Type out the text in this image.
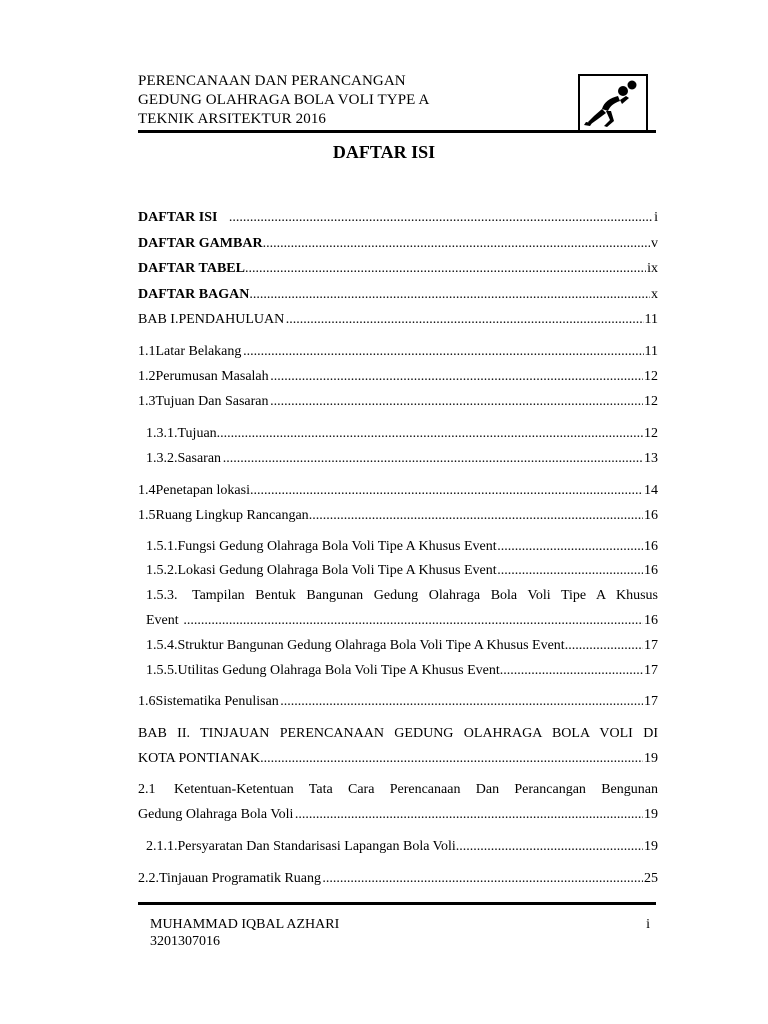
PERENCANAAN DAN PERANCANGAN
GEDUNG OLAHRAGA BOLA VOLI TYPE A
TEKNIK ARSITEKTUR 2016
DAFTAR ISI
DAFTAR ISI .....	i
DAFTAR GAMBAR .....	v
DAFTAR TABEL .....	ix
DAFTAR BAGAN .....	x
BAB I.PENDAHULUAN .....	11
1.1 Latar Belakang .....	11
1.2 Perumusan Masalah .....	12
1.3 Tujuan Dan Sasaran .....	12
1.3.1. Tujuan .....	12
1.3.2. Sasaran .....	13
1.4 Penetapan lokasi .....	14
1.5 Ruang Lingkup Rancangan .....	16
1.5.1. Fungsi Gedung Olahraga Bola Voli Tipe A Khusus Event .....	16
1.5.2. Lokasi Gedung Olahraga Bola Voli Tipe A Khusus Event .....	16
1.5.3.	Tampilan Bentuk Bangunan Gedung Olahraga Bola Voli Tipe A Khusus
Event .....	16
1.5.4. Struktur Bangunan Gedung Olahraga Bola Voli Tipe A Khusus Event .....	17
1.5.5. Utilitas Gedung Olahraga Bola Voli Tipe A Khusus Event .....	17
1.6 Sistematika Penulisan .....	17
BAB II. TINJAUAN PERENCANAAN GEDUNG OLAHRAGA BOLA VOLI DI
KOTA PONTIANAK .....	19
2.1	Ketentuan-Ketentuan Tata Cara Perencanaan Dan Perancangan Bengunan
Gedung Olahraga Bola Voli .....	19
2.1.1. Persyaratan Dan Standarisasi Lapangan Bola Voli .....	19
2.2. Tinjauan Programatik Ruang .....	25
MUHAMMAD IQBAL AZHARI
3201307016
i
